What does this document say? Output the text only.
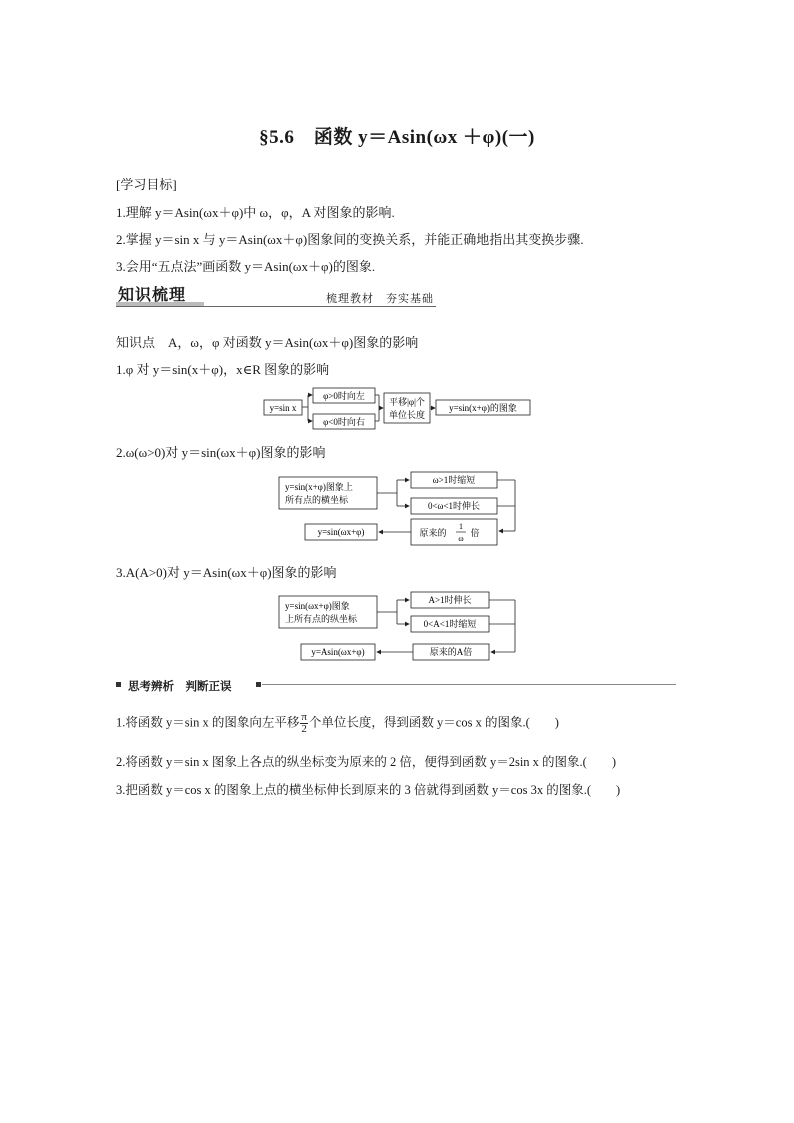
§5.6　函数 y＝Asin(ωx ＋φ)(一)
[学习目标]
1.理解 y＝Asin(ωx＋φ)中 ω，φ，A 对图象的影响.
2.掌握 y＝sin x 与 y＝Asin(ωx＋φ)图象间的变换关系，并能正确地指出其变换步骤.
3.会用“五点法”画函数 y＝Asin(ωx＋φ)的图象.
知识梳理	梳理教材　夯实基础
知识点　A，ω，φ 对函数 y＝Asin(ωx＋φ)图象的影响
1.φ 对 y＝sin(x＋φ)，x∈R 图象的影响
y=sin x
φ>0时向左
φ<0时向右
平移|φ|个
单位长度
y=sin(x+φ)的图象
2.ω(ω>0)对 y＝sin(ωx＋φ)图象的影响
y=sin(x+φ)图象上
所有点的横坐标
ω>1时缩短
0<ω<1时伸长
原来的
1
ω
倍
y=sin(ωx+φ)
3.A(A>0)对 y＝Asin(ωx＋φ)图象的影响
y=sin(ωx+φ)图象
上所有点的纵坐标
A>1时伸长
0<A<1时缩短
原来的A倍
y=Asin(ωx+φ)
思考辨析　判断正误
1.将函数 y＝sin x 的图象向左平移 $\frac{\pi}{2}$ 个单位长度，得到函数 y＝cos x 的图象.(　　)
2.将函数 y＝sin x 图象上各点的纵坐标变为原来的 2 倍，便得到函数 y＝2sin x 的图象.(　　)
3.把函数 y＝cos x 的图象上点的横坐标伸长到原来的 3 倍就得到函数 y＝cos 3x 的图象.(　　)
